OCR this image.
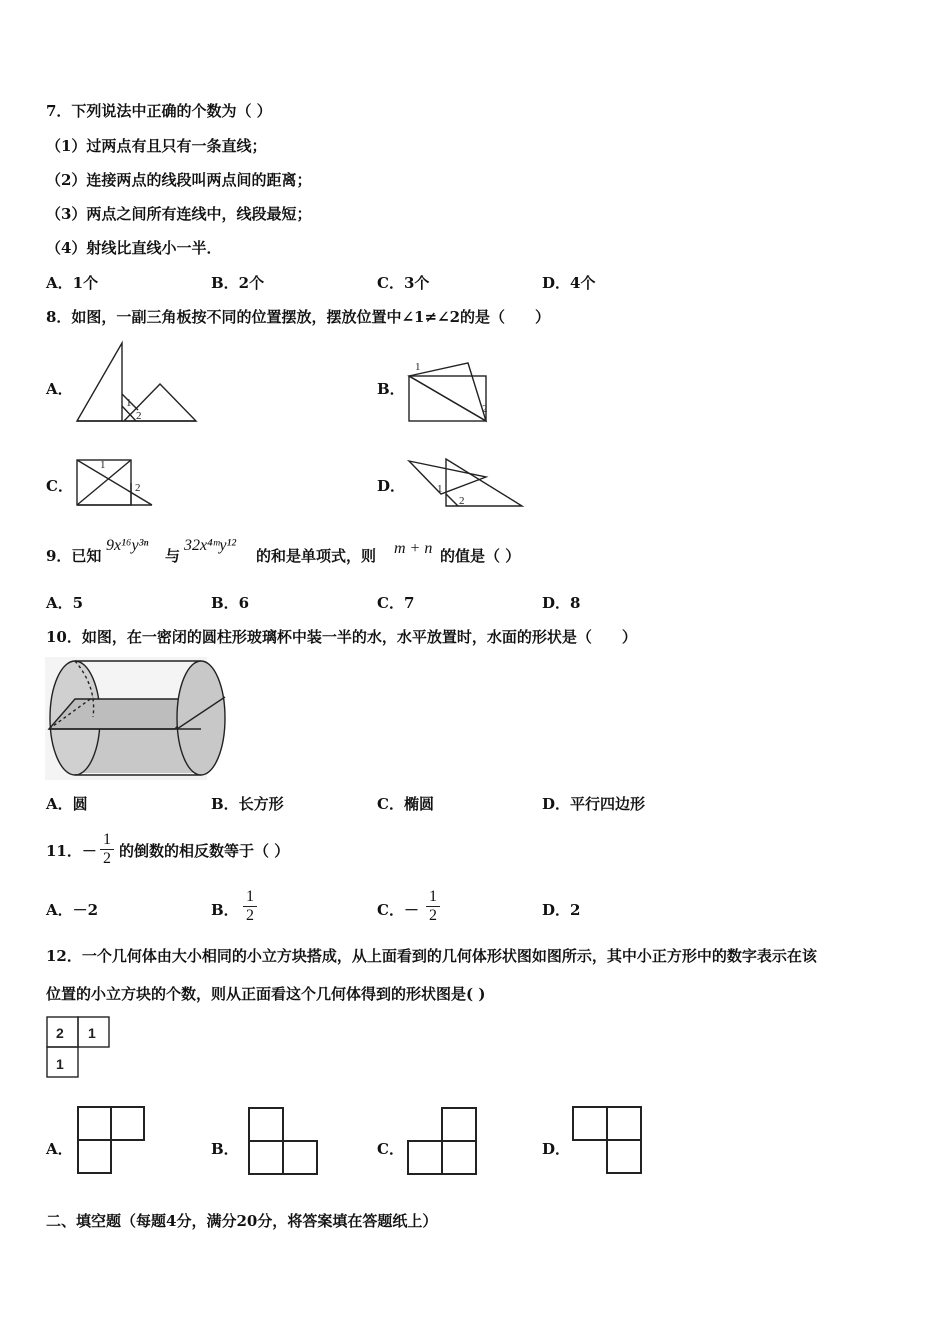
7．下列说法中正确的个数为（ ）
（1）过两点有且只有一条直线；
（2）连接两点的线段叫两点间的距离；
（3）两点之间所有连线中，线段最短；
（4）射线比直线小一半．
A．1个	B．2个	C．3个	D．4个
8．如图，一副三角板按不同的位置摆放，摆放位置中∠1≠∠2的是（　　）
A．
1
2
B．
1
2
C．
1
2	D．	1
2
9．已知
9x¹⁶y³ⁿ
与
32x⁴ᵐy¹²
的和是单项式，则 m + n 的值是（ ）
A．5	B．6	C．7	D．8
10．如图，在一密闭的圆柱形玻璃杯中装一半的水，水平放置时，水面的形状是（　　）
A．圆	B．长方形	C．椭圆	D．平行四边形
11．－ $\frac{1}{2}$ 的倒数的相反数等于（ ）
A．－2	B． $\frac{1}{2}$	C．－ $\frac{1}{2}$	D．2
12．一个几何体由大小相同的小立方块搭成，从上面看到的几何体形状图如图所示，其中小正方形中的数字表示在该
位置的小立方块的个数，则从正面看这个几何体得到的形状图是( )
2 1
1
A．	B．	C．	D．
二、填空题（每题4分，满分20分，将答案填在答题纸上）
